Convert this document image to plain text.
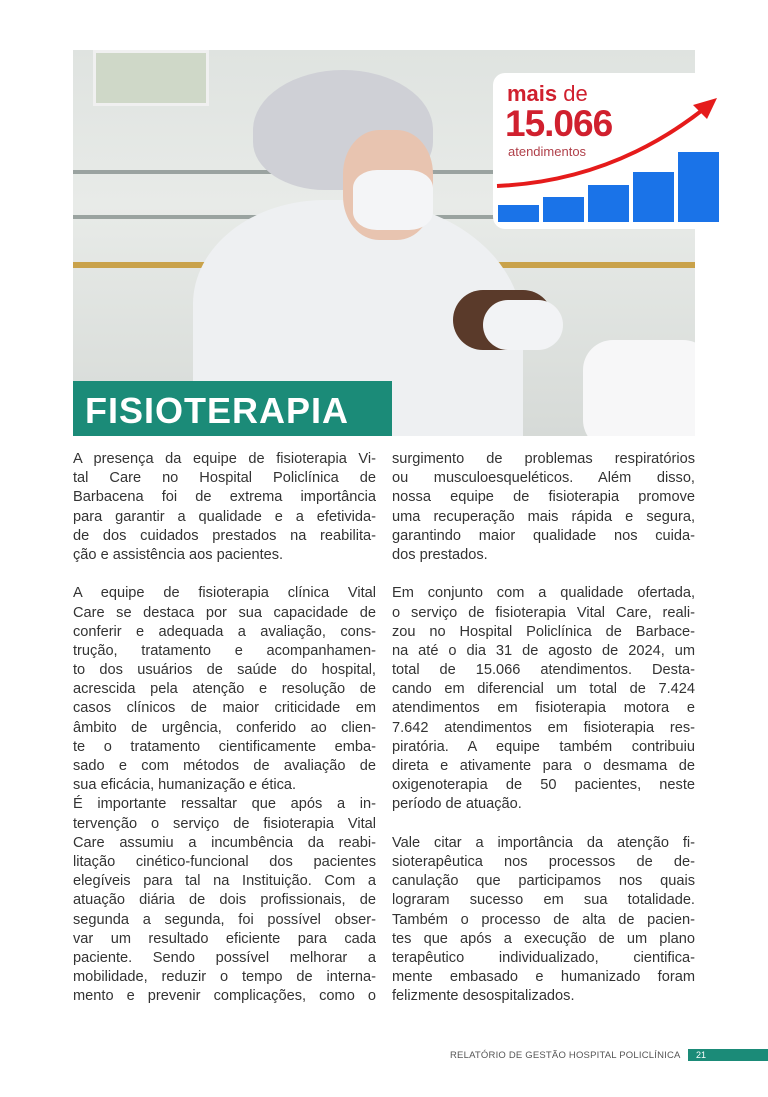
mais de
15.066
atendimentos
FISIOTERAPIA
A presença da equipe de fisioterapia Vi-
tal Care no Hospital Policlínica de
Barbacena foi de extrema importância
para garantir a qualidade e a efetivida-
de dos cuidados prestados na reabilita-
ção e assistência aos pacientes.
A equipe de fisioterapia clínica Vital
Care se destaca por sua capacidade de
conferir e adequada a avaliação, cons-
trução, tratamento e acompanhamen-
to dos usuários de saúde do hospital,
acrescida pela atenção e resolução de
casos clínicos de maior criticidade em
âmbito de urgência, conferido ao clien-
te o tratamento cientificamente emba-
sado e com métodos de avaliação de
sua eficácia, humanização e ética.
É importante ressaltar que após a in-
tervenção o serviço de fisioterapia Vital
Care assumiu a incumbência da reabi-
litação cinético-funcional dos pacientes
elegíveis para tal na Instituição. Com a
atuação diária de dois profissionais, de
segunda a segunda, foi possível obser-
var um resultado eficiente para cada
paciente. Sendo possível melhorar a
mobilidade, reduzir o tempo de interna-
mento e prevenir complicações, como o
surgimento de problemas respiratórios
ou musculoesqueléticos. Além disso,
nossa equipe de fisioterapia promove
uma recuperação mais rápida e segura,
garantindo maior qualidade nos cuida-
dos prestados.
Em conjunto com a qualidade ofertada,
o serviço de fisioterapia Vital Care, reali-
zou no Hospital Policlínica de Barbace-
na até o dia 31 de agosto de 2024, um
total de 15.066 atendimentos. Desta-
cando em diferencial um total de 7.424
atendimentos em fisioterapia motora e
7.642 atendimentos em fisioterapia res-
piratória. A equipe também contribuiu
direta e ativamente para o desmama de
oxigenoterapia de 50 pacientes, neste
período de atuação.
Vale citar a importância da atenção fi-
sioterapêutica nos processos de de-
canulação que participamos nos quais
lograram sucesso em sua totalidade.
Também o processo de alta de pacien-
tes que após a execução de um plano
terapêutico individualizado, cientifica-
mente embasado e humanizado foram
felizmente desospitalizados.
RELATÓRIO DE GESTÃO HOSPITAL POLICLÍNICA 21
